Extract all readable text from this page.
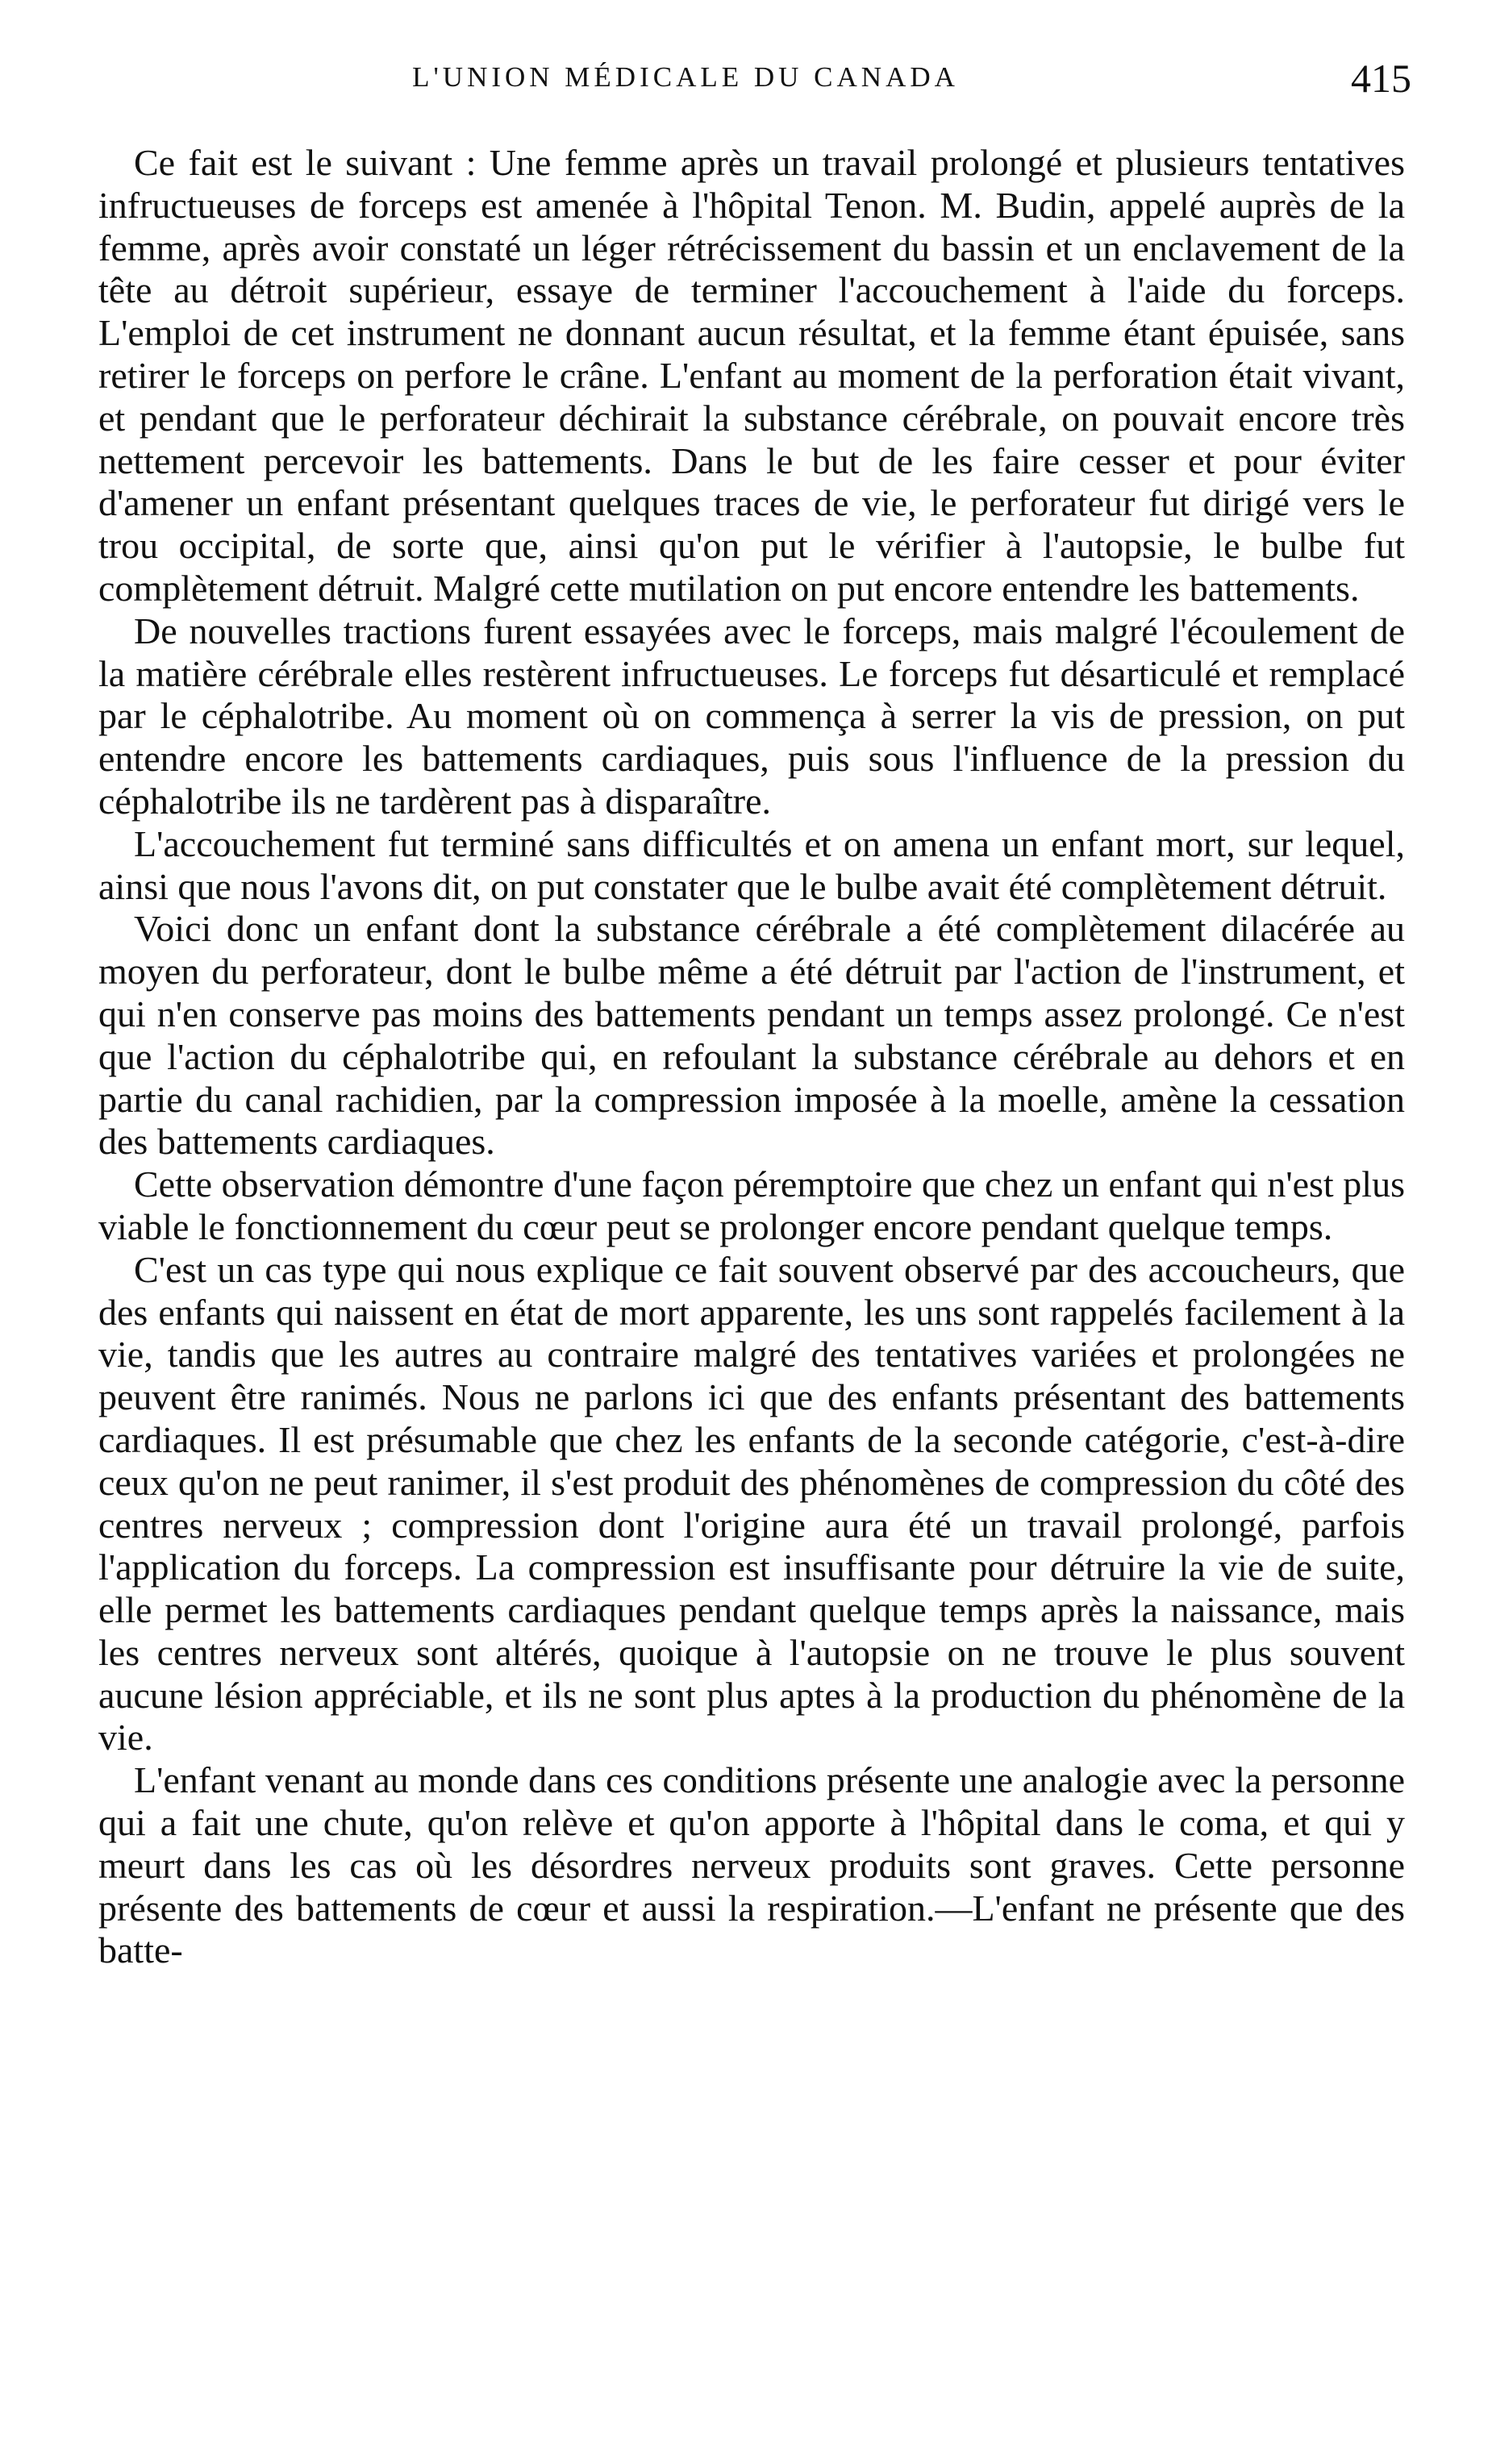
L'UNION MÉDICALE DU CANADA	415

Ce fait est le suivant : Une femme après un travail prolongé et plusieurs tentatives infructueuses de forceps est amenée à l'hôpital Tenon. M. Budin, appelé auprès de la femme, après avoir constaté un léger rétrécissement du bassin et un enclavement de la tête au détroit supérieur, essaye de terminer l'accouchement à l'aide du forceps. L'emploi de cet instrument ne donnant aucun résultat, et la femme étant épuisée, sans retirer le forceps on perfore le crâne. L'enfant au moment de la perforation était vivant, et pendant que le perforateur déchirait la substance cérébrale, on pouvait encore très nettement percevoir les battements. Dans le but de les faire cesser et pour éviter d'amener un enfant présentant quelques traces de vie, le perforateur fut dirigé vers le trou occipital, de sorte que, ainsi qu'on put le vérifier à l'autopsie, le bulbe fut complètement détruit. Malgré cette mutilation on put encore entendre les battements.

De nouvelles tractions furent essayées avec le forceps, mais malgré l'écoulement de la matière cérébrale elles restèrent infructueuses. Le forceps fut désarticulé et remplacé par le céphalotribe. Au moment où on commença à serrer la vis de pression, on put entendre encore les battements cardiaques, puis sous l'influence de la pression du céphalotribe ils ne tardèrent pas à disparaître.

L'accouchement fut terminé sans difficultés et on amena un enfant mort, sur lequel, ainsi que nous l'avons dit, on put constater que le bulbe avait été complètement détruit.

Voici donc un enfant dont la substance cérébrale a été complètement dilacérée au moyen du perforateur, dont le bulbe même a été détruit par l'action de l'instrument, et qui n'en conserve pas moins des battements pendant un temps assez prolongé. Ce n'est que l'action du céphalotribe qui, en refoulant la substance cérébrale au dehors et en partie du canal rachidien, par la compression imposée à la moelle, amène la cessation des battements cardiaques.

Cette observation démontre d'une façon péremptoire que chez un enfant qui n'est plus viable le fonctionnement du cœur peut se prolonger encore pendant quelque temps.

C'est un cas type qui nous explique ce fait souvent observé par des accoucheurs, que des enfants qui naissent en état de mort apparente, les uns sont rappelés facilement à la vie, tandis que les autres au contraire malgré des tentatives variées et prolongées ne peuvent être ranimés. Nous ne parlons ici que des enfants présentant des battements cardiaques. Il est présumable que chez les enfants de la seconde catégorie, c'est-à-dire ceux qu'on ne peut ranimer, il s'est produit des phénomènes de compression du côté des centres nerveux ; compression dont l'origine aura été un travail prolongé, parfois l'application du forceps. La compression est insuffisante pour détruire la vie de suite, elle permet les battements cardiaques pendant quelque temps après la naissance, mais les centres nerveux sont altérés, quoique à l'autopsie on ne trouve le plus souvent aucune lésion appréciable, et ils ne sont plus aptes à la production du phénomène de la vie.

L'enfant venant au monde dans ces conditions présente une analogie avec la personne qui a fait une chute, qu'on relève et qu'on apporte à l'hôpital dans le coma, et qui y meurt dans les cas où les désordres nerveux produits sont graves. Cette personne présente des battements de cœur et aussi la respiration.—L'enfant ne présente que des batte-
